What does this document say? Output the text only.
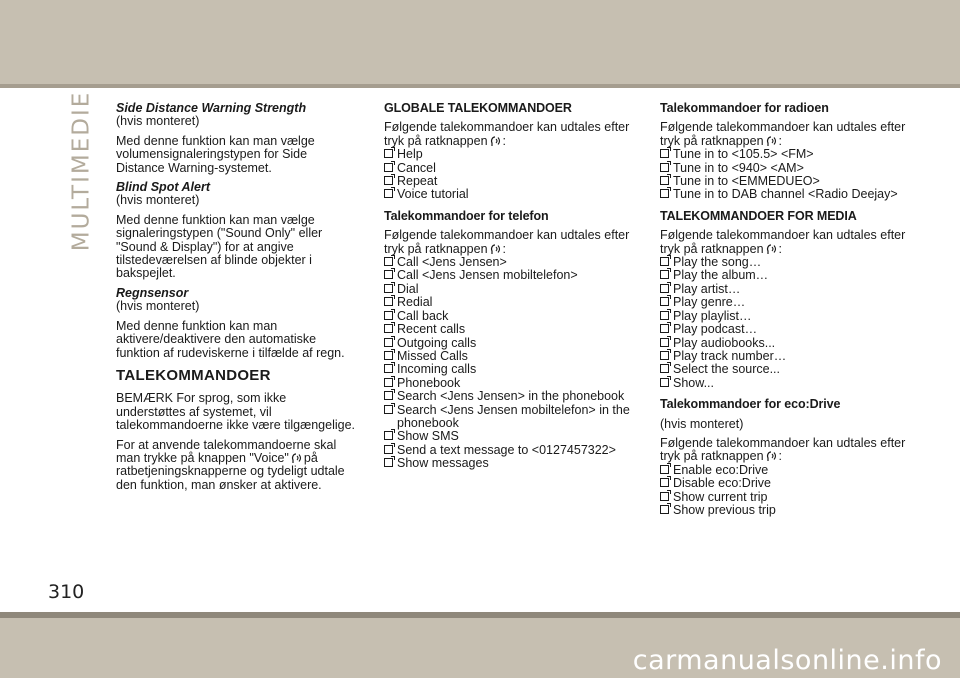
MULTIMEDIE Side Distance Warning Strength

(hvis monteret)

Med denne funktion kan man vælge volumensignaleringstypen for Side Distance Warning-systemet.

Blind Spot Alert

(hvis monteret)

Med denne funktion kan man vælge signaleringstypen ("Sound Only" eller "Sound & Display") for at angive tilstedeværelsen af blinde objekter i bakspejlet.

Regnsensor

(hvis monteret)

Med denne funktion kan man aktivere/deaktivere den automatiske funktion af rudeviskerne i tilfælde af regn.

TALEKOMMANDOER

BEMÆRK For sprog, som ikke understøttes af systemet, vil talekommandoerne ikke være tilgængelige.

For at anvende talekommandoerne skal man trykke på knappen "Voice" på ratbetjeningsknapperne og tydeligt udtale den funktion, man ønsker at aktivere.

GLOBALE TALEKOMMANDOER
Følgende talekommandoer kan udtales efter tryk på ratknappen :
Help
Cancel
Repeat
Voice tutorial
Talekommandoer for telefon
Følgende talekommandoer kan udtales efter tryk på ratknappen :
Call <Jens Jensen>
Call <Jens Jensen mobiltelefon>
Dial
Redial
Call back
Recent calls
Outgoing calls
Missed Calls
Incoming calls
Phonebook
Search <Jens Jensen> in the phonebook
Search <Jens Jensen mobiltelefon> in the phonebook
Show SMS
Send a text message to <0127457322>
Show messages
Talekommandoer for radioen
Følgende talekommandoer kan udtales efter tryk på ratknappen :
Tune in to <105.5> <FM>
Tune in to <940> <AM>
Tune in to <EMMEDUEO>
Tune in to DAB channel <Radio Deejay>
TALEKOMMANDOER FOR MEDIA
Følgende talekommandoer kan udtales efter tryk på ratknappen :
Play the song…
Play the album…
Play artist…
Play genre…
Play playlist…
Play podcast…
Play audiobooks...
Play track number…
Select the source...
Show...
Talekommandoer for eco:Drive
(hvis monteret)
Følgende talekommandoer kan udtales efter tryk på ratknappen :
Enable eco:Drive
Disable eco:Drive
Show current trip
Show previous trip
310
carmanualsonline.info
